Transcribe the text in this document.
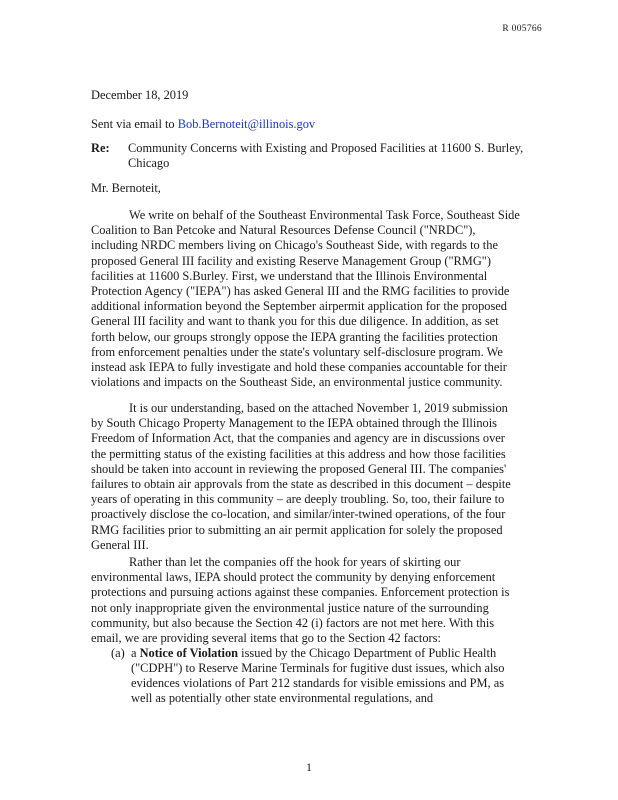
R 005766
December 18, 2019
Sent via email to Bob.Bernoteit@illinois.gov
Re: Community Concerns with Existing and Proposed Facilities at 11600 S. Burley, Chicago
Mr. Bernoteit,
We write on behalf of the Southeast Environmental Task Force, Southeast Side Coalition to Ban Petcoke and Natural Resources Defense Council ("NRDC"), including NRDC members living on Chicago's Southeast Side, with regards to the proposed General III facility and existing Reserve Management Group ("RMG") facilities at 11600 S.Burley. First, we understand that the Illinois Environmental Protection Agency ("IEPA") has asked General III and the RMG facilities to provide additional information beyond the September airpermit application for the proposed General III facility and want to thank you for this due diligence. In addition, as set forth below, our groups strongly oppose the IEPA granting the facilities protection from enforcement penalties under the state's voluntary self-disclosure program. We instead ask IEPA to fully investigate and hold these companies accountable for their violations and impacts on the Southeast Side, an environmental justice community.
It is our understanding, based on the attached November 1, 2019 submission by South Chicago Property Management to the IEPA obtained through the Illinois Freedom of Information Act, that the companies and agency are in discussions over the permitting status of the existing facilities at this address and how those facilities should be taken into account in reviewing the proposed General III. The companies' failures to obtain air approvals from the state as described in this document – despite years of operating in this community – are deeply troubling. So, too, their failure to proactively disclose the co-location, and similar/inter-twined operations, of the four RMG facilities prior to submitting an air permit application for solely the proposed General III.
Rather than let the companies off the hook for years of skirting our environmental laws, IEPA should protect the community by denying enforcement protections and pursuing actions against these companies. Enforcement protection is not only inappropriate given the environmental justice nature of the surrounding community, but also because the Section 42 (i) factors are not met here. With this email, we are providing several items that go to the Section 42 factors:
(a) a Notice of Violation issued by the Chicago Department of Public Health ("CDPH") to Reserve Marine Terminals for fugitive dust issues, which also evidences violations of Part 212 standards for visible emissions and PM, as well as potentially other state environmental regulations, and
1
